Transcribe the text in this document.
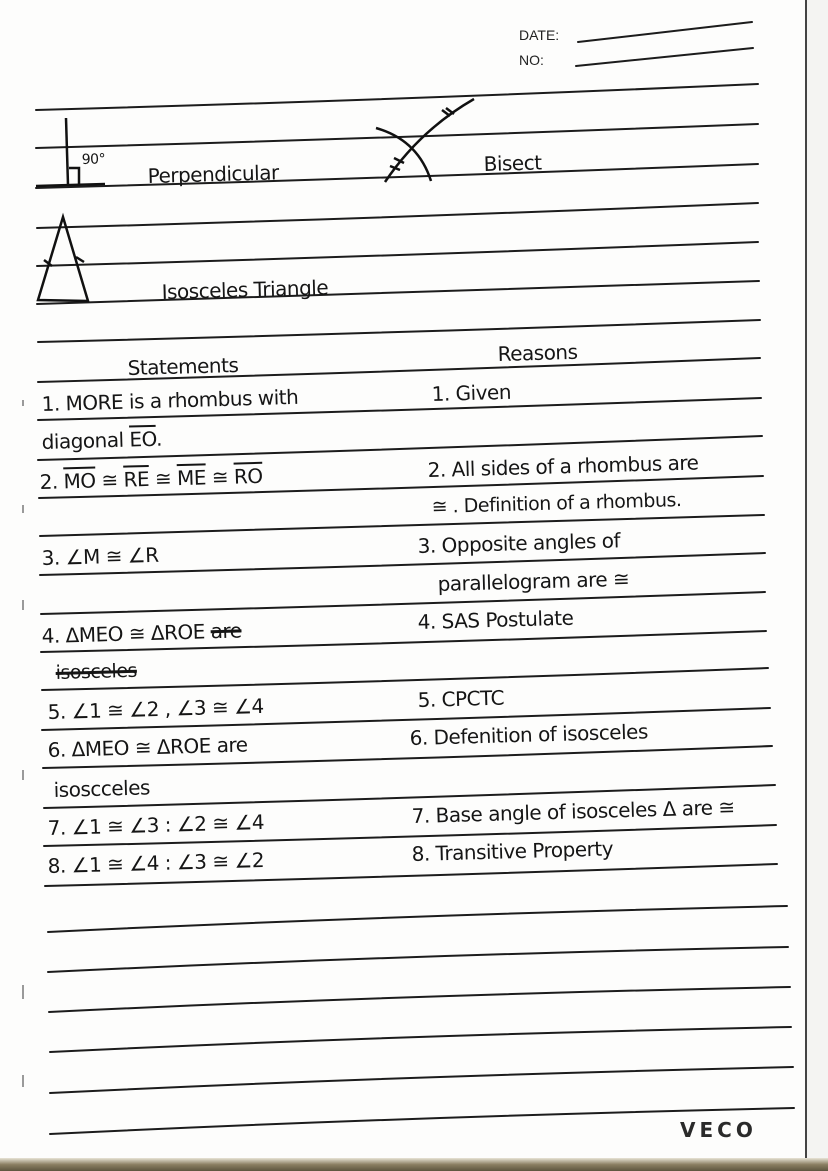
DATE:
NO:
90°
Perpendicular	Bisect
Isosceles Triangle
Statements
Reasons
1. MORE is a rhombus with
diagonal $\overline{EO}$.
2. $\overline{MO}$ ≅ $\overline{RE}$ ≅ $\overline{ME}$ ≅ $\overline{RO}$
3. ∠M ≅ ∠R
4. ΔMEO ≅ ΔROE are
isosceles
5. ∠1 ≅ ∠2 , ∠3 ≅ ∠4
6. ΔMEO ≅ ΔROE are
isoscceles
7. ∠1 ≅ ∠3 : ∠2 ≅ ∠4
8. ∠1 ≅ ∠4 : ∠3 ≅ ∠2
1. Given
2. All sides of a rhombus are
≅ . Definition of a rhombus.
3. Opposite angles of
parallelogram are ≅
4. SAS Postulate
5. CPCTC
6. Defenition of isosceles
7. Base angle of isosceles Δ are ≅
8. Transitive Property
VECO
